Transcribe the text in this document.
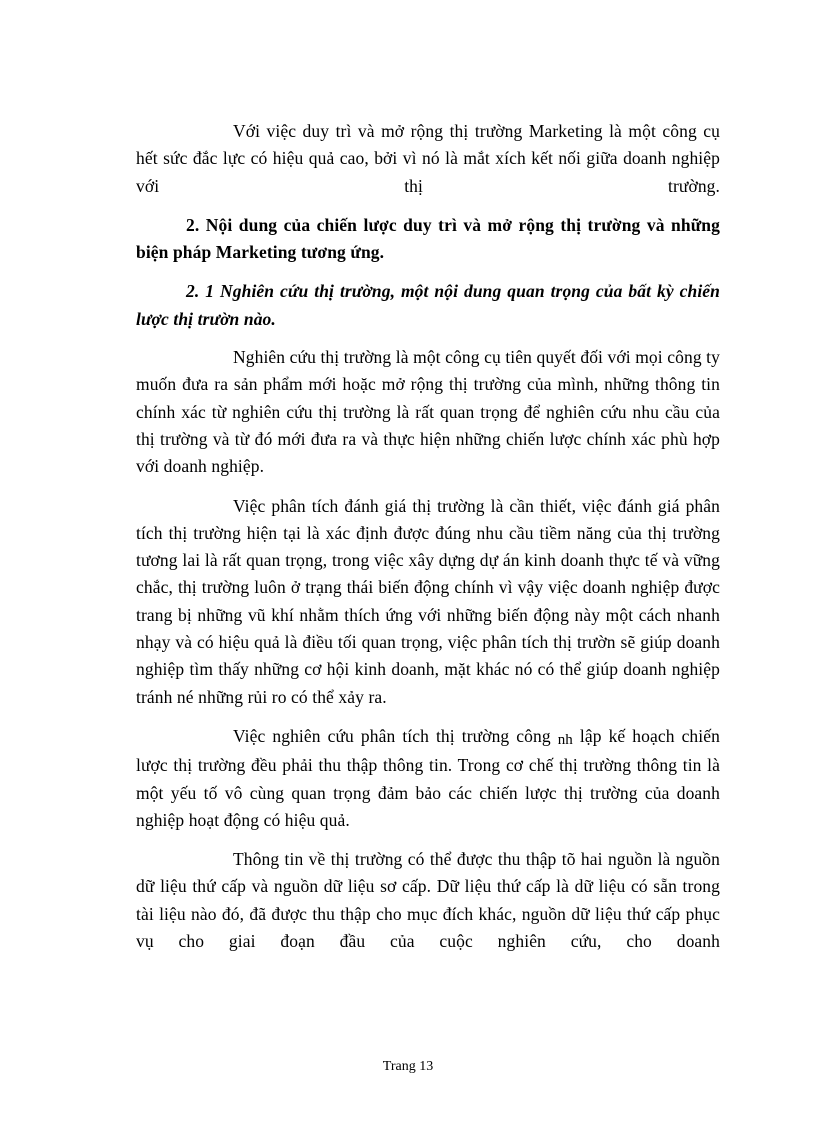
Với việc duy trì và mở rộng thị trường Marketing là một công cụ hết sức đắc lực có hiệu quả cao, bởi vì nó là mắt xích kết nối giữa doanh nghiệp với thị trường.

2. Nội dung của chiến lược duy trì và mở rộng thị trường và những biện pháp Marketing tương ứng.

2. 1 Nghiên cứu thị trường, một nội dung quan trọng của bất kỳ chiến lược thị trườn nào.

Nghiên cứu thị trường là một công cụ tiên quyết đối với mọi công ty muốn đưa ra sản phẩm mới hoặc mở rộng thị trường của mình, những thông tin chính xác từ nghiên cứu thị trường là rất quan trọng để nghiên cứu nhu cầu của thị trường và từ đó mới đưa ra và thực hiện những chiến lược chính xác phù hợp với doanh nghiệp.

Việc phân tích đánh giá thị trường là cần thiết, việc đánh giá phân tích thị trường hiện tại là xác định được đúng nhu cầu tiềm năng của thị trường tương lai là rất quan trọng, trong việc xây dựng dự án kinh doanh thực tế và vững chắc, thị trường luôn ở trạng thái biến động chính vì vậy việc doanh nghiệp được trang bị những vũ khí nhằm thích ứng với những biến động này một cách nhanh nhạy và có hiệu quả là điều tối quan trọng, việc phân tích thị trườn sẽ giúp doanh nghiệp tìm thấy những cơ hội kinh doanh, mặt khác nó có thể giúp doanh nghiệp tránh né những rủi ro có thể xảy ra.

Việc nghiên cứu phân tích thị trường công nh lập kế hoạch chiến lược thị trường đều phải thu thập thông tin. Trong cơ chế thị trường thông tin là một yếu tố vô cùng quan trọng đảm bảo các chiến lược thị trường của doanh nghiệp hoạt động có hiệu quả.

Thông tin về thị trường có thể được thu thập tõ hai nguồn là nguồn dữ liệu thứ cấp và nguồn dữ liệu sơ cấp. Dữ liệu thứ cấp là dữ liệu có sẵn trong tài liệu nào đó, đã được thu thập cho mục đích khác, nguồn dữ liệu thứ cấp phục vụ cho giai đoạn đầu của cuộc nghiên cứu, cho doanh

Trang 13
